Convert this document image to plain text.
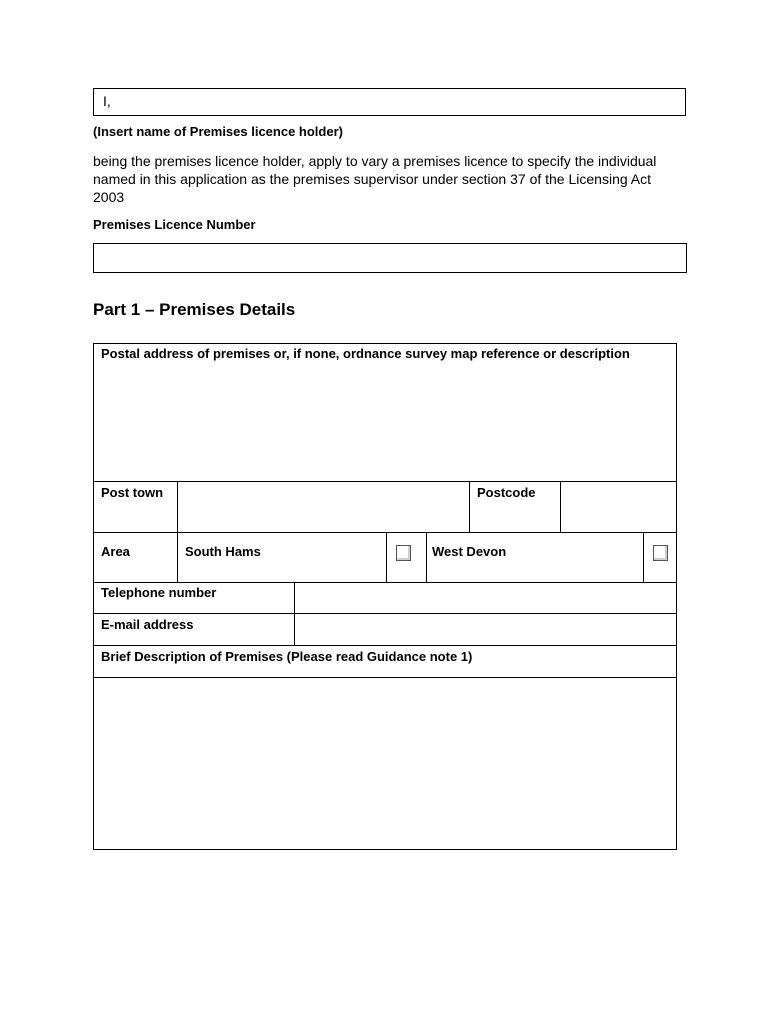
I,
(Insert name of Premises licence holder)
being the premises licence holder, apply to vary a premises licence to specify the individual named in this application as the premises supervisor under section 37 of the Licensing Act 2003
Premises Licence Number
Part 1 – Premises Details
Postal address of premises or, if none, ordnance survey map reference or description
Post town	Postcode
Area	South Hams	West Devon
Telephone number
E-mail address
Brief Description of Premises (Please read Guidance note 1)
